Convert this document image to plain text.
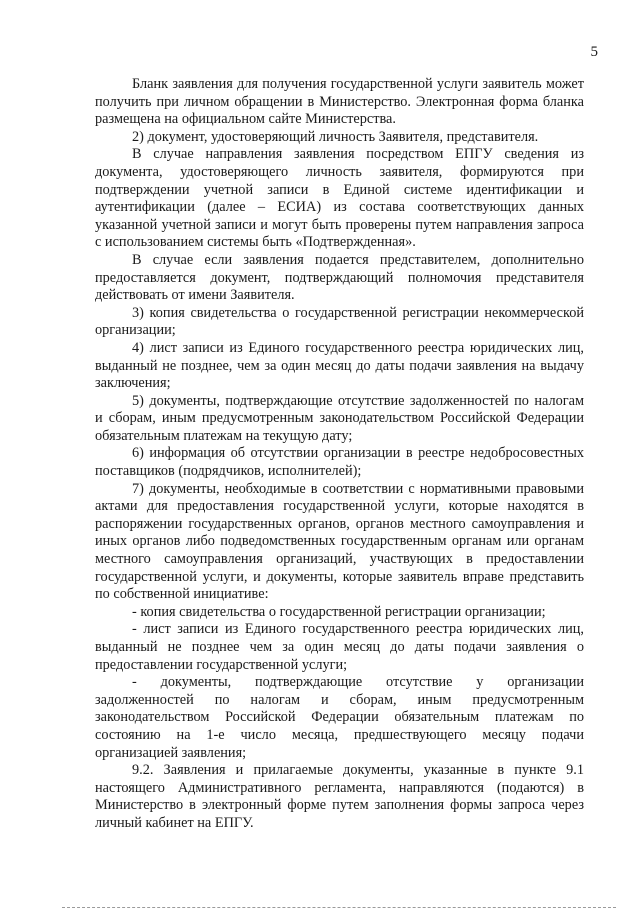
5

Бланк заявления для получения государственной услуги заявитель может получить при личном обращении в Министерство. Электронная форма бланка размещена на официальном сайте Министерства.

2) документ, удостоверяющий личность Заявителя, представителя.

В случае направления заявления посредством ЕПГУ сведения из документа, удостоверяющего личность заявителя, формируются при подтверждении учетной записи в Единой системе идентификации и аутентификации (далее – ЕСИА) из состава соответствующих данных указанной учетной записи и могут быть проверены путем направления запроса с использованием системы быть «Подтвержденная».

В случае если заявления подается представителем, дополнительно предоставляется документ, подтверждающий полномочия представителя действовать от имени Заявителя.

3) копия свидетельства о государственной регистрации некоммерческой организации;

4) лист записи из Единого государственного реестра юридических лиц, выданный не позднее, чем за один месяц до даты подачи заявления на выдачу заключения;

5) документы, подтверждающие отсутствие задолженностей по налогам и сборам, иным предусмотренным законодательством Российской Федерации обязательным платежам на текущую дату;

6) информация об отсутствии организации в реестре недобросовестных поставщиков (подрядчиков, исполнителей);

7) документы, необходимые в соответствии с нормативными правовыми актами для предоставления государственной услуги, которые находятся в распоряжении государственных органов, органов местного самоуправления и иных органов либо подведомственных государственным органам или органам местного самоуправления организаций, участвующих в предоставлении государственной услуги, и документы, которые заявитель вправе представить по собственной инициативе:

- копия свидетельства о государственной регистрации организации;

- лист записи из Единого государственного реестра юридических лиц, выданный не позднее чем за один месяц до даты подачи заявления о предоставлении государственной услуги;

- документы, подтверждающие отсутствие у организации задолженностей по налогам и сборам, иным предусмотренным законодательством Российской Федерации обязательным платежам по состоянию на 1-е число месяца, предшествующего месяцу подачи организацией заявления;

9.2. Заявления и прилагаемые документы, указанные в пункте 9.1 настоящего Административного регламента, направляются (подаются) в Министерство в электронный форме путем заполнения формы запроса через личный кабинет на ЕПГУ.
